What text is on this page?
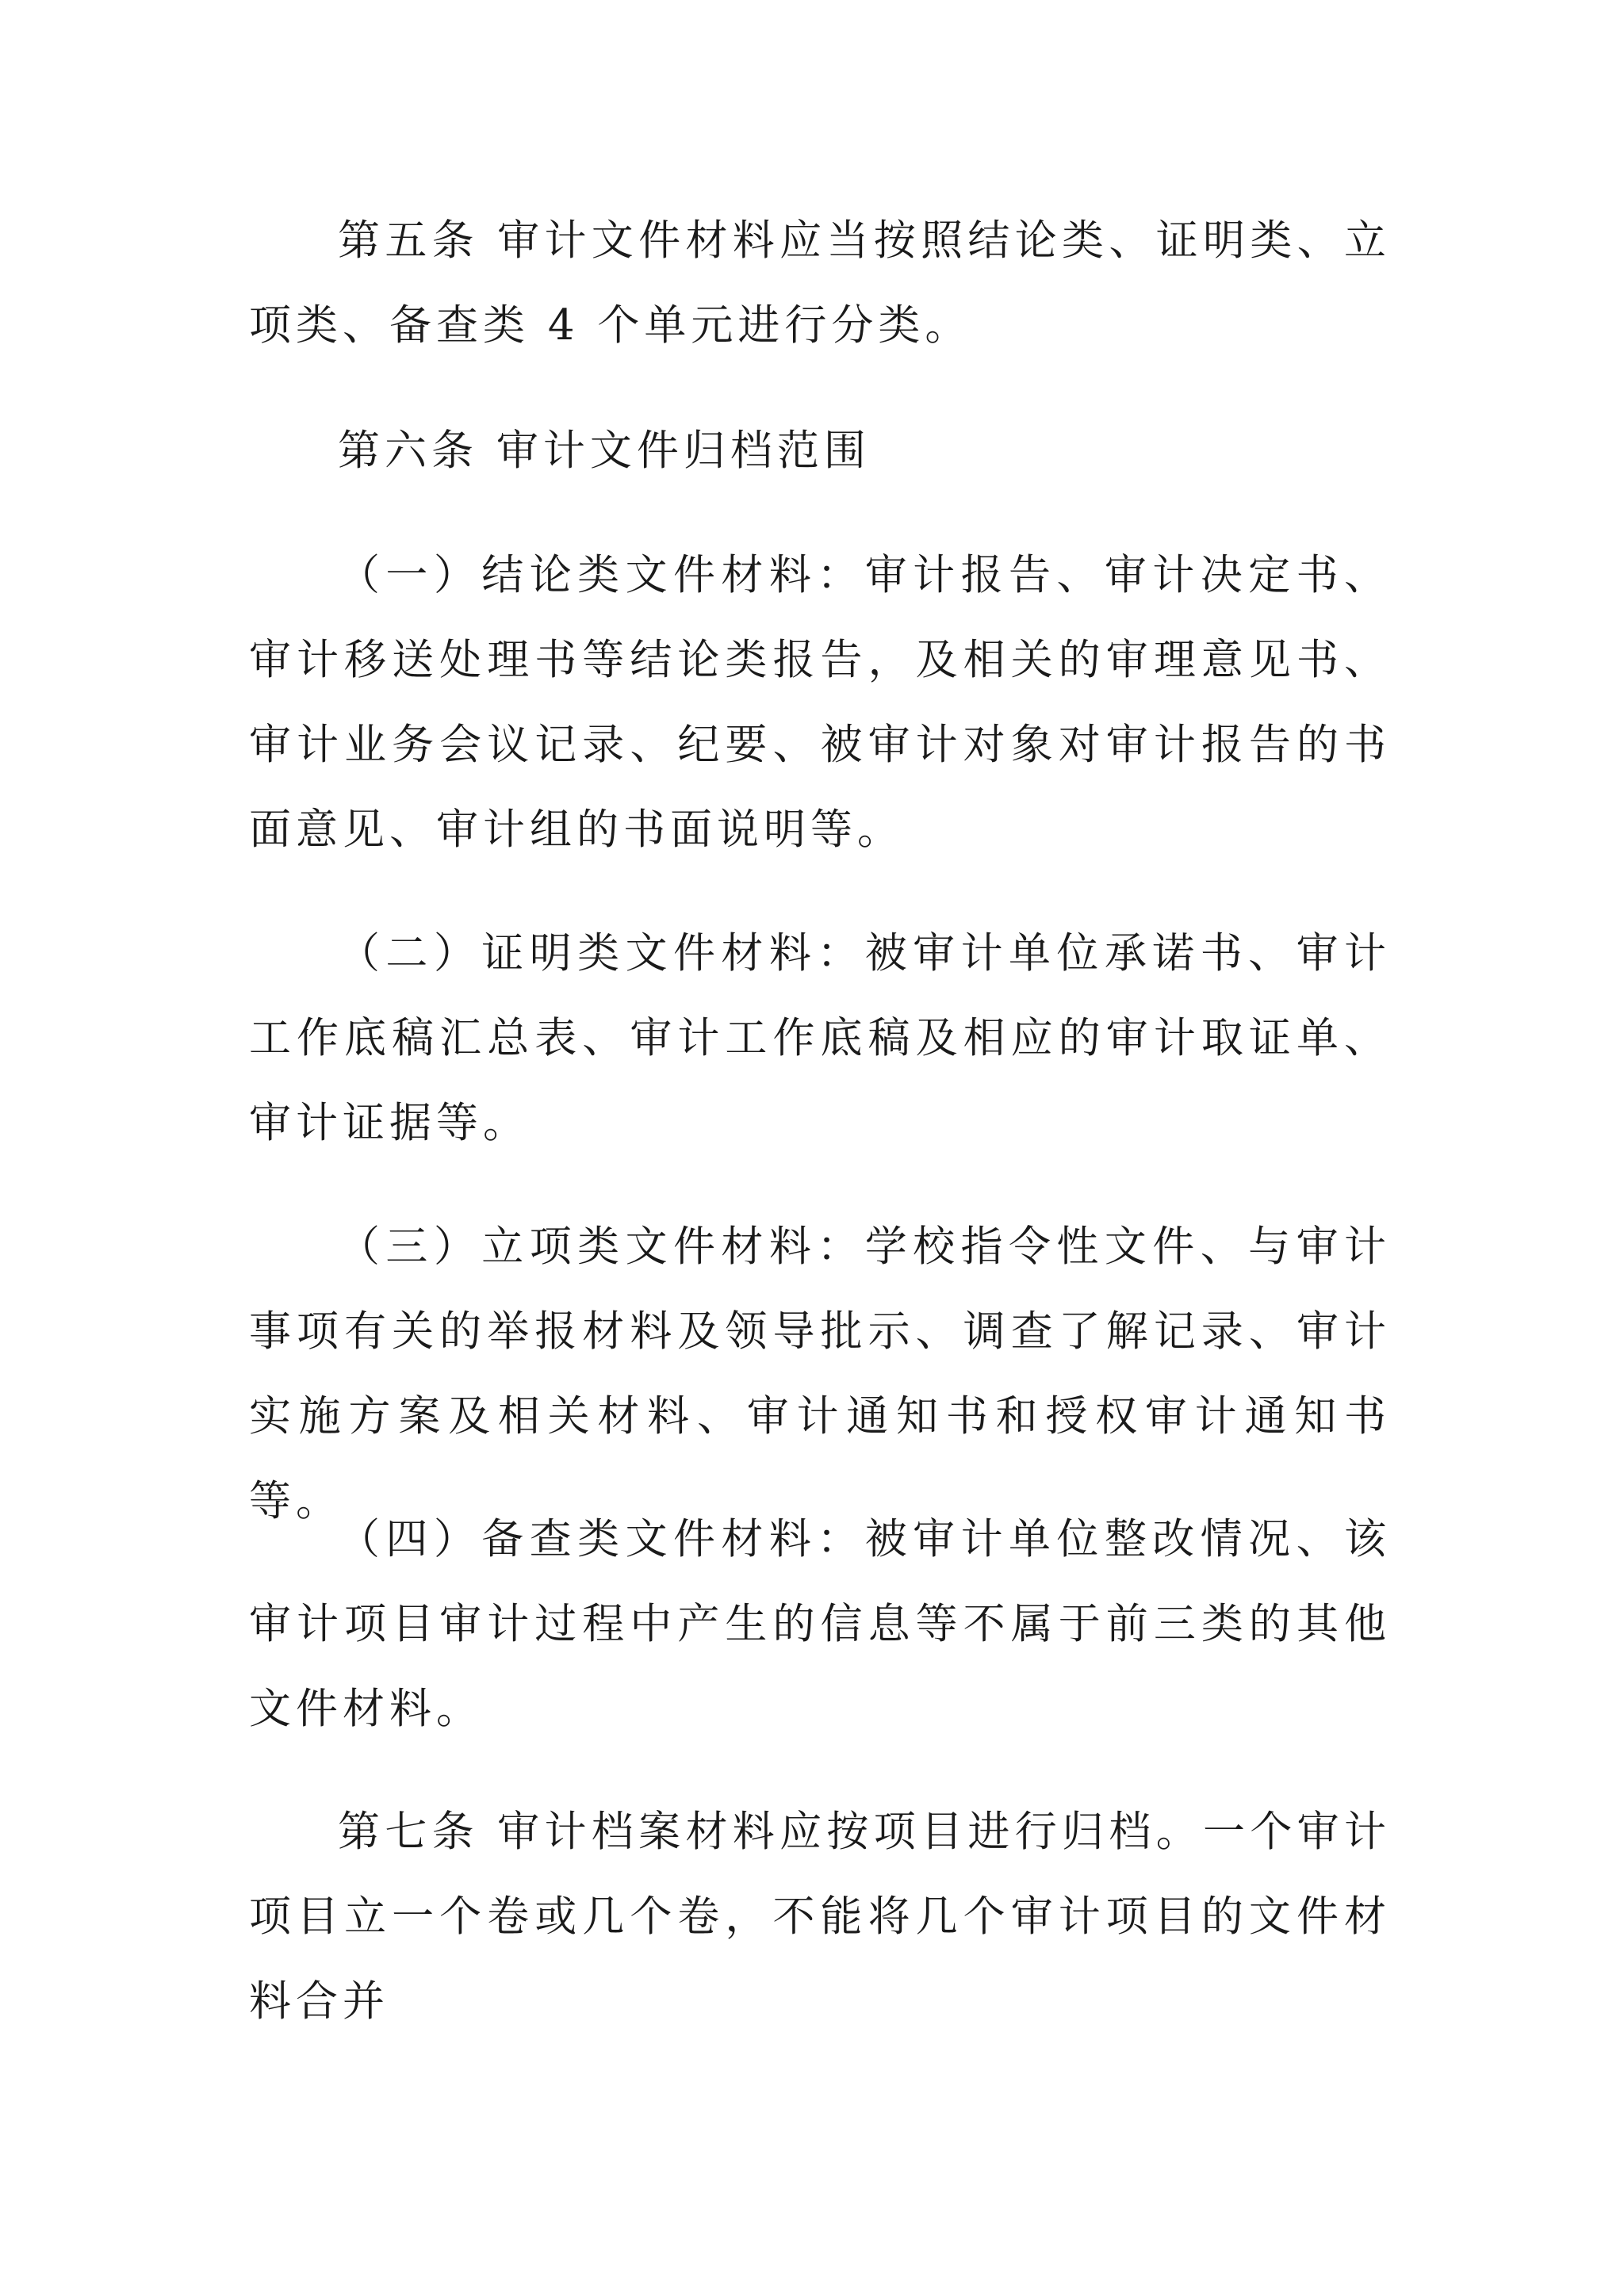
第五条 审计文件材料应当按照结论类、证明类、立项类、备查类 4 个单元进行分类。

第六条 审计文件归档范围

（一）结论类文件材料：审计报告、审计决定书、审计移送处理书等结论类报告，及相关的审理意见书、审计业务会议记录、纪要、被审计对象对审计报告的书面意见、审计组的书面说明等。

（二）证明类文件材料：被审计单位承诺书、审计工作底稿汇总表、审计工作底稿及相应的审计取证单、审计证据等。

（三）立项类文件材料：学校指令性文件、与审计事项有关的举报材料及领导批示、调查了解记录、审计实施方案及相关材料、审计通知书和授权审计通知书等。

（四）备查类文件材料：被审计单位整改情况、该审计项目审计过程中产生的信息等不属于前三类的其他文件材料。

第七条 审计档案材料应按项目进行归档。一个审计项目立一个卷或几个卷，不能将几个审计项目的文件材料合并
